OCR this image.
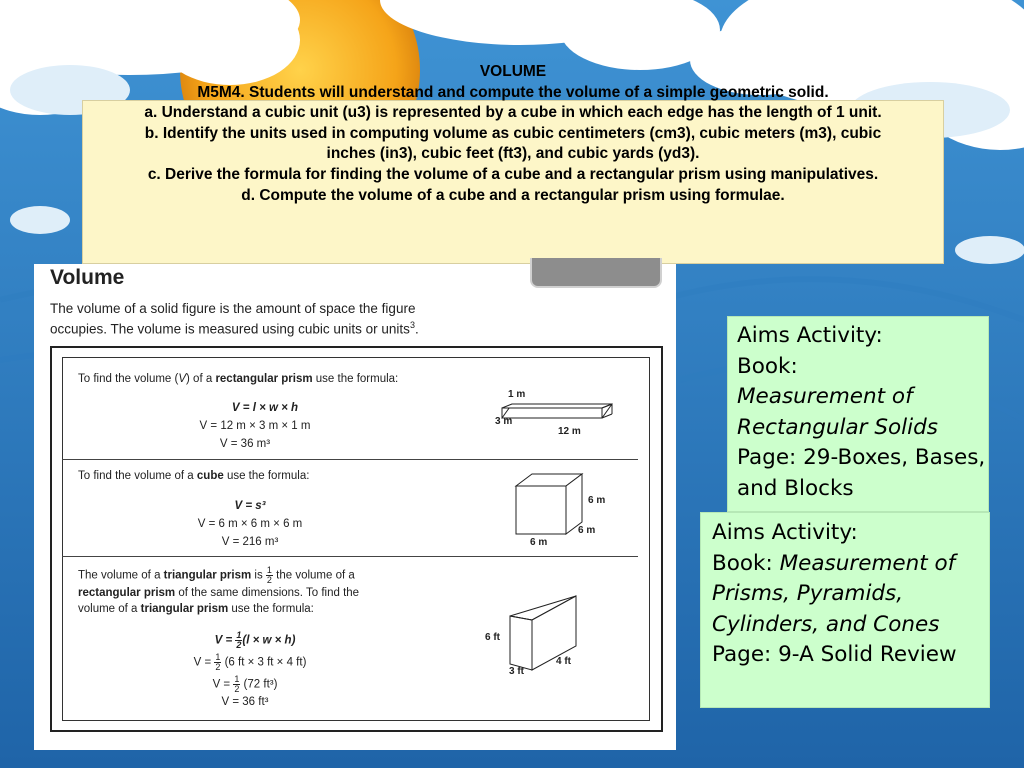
VOLUME
M5M4. Students will understand and compute the volume of a simple geometric solid.
a. Understand a cubic unit (u3) is represented by a cube in which each edge has the length of 1 unit.
b. Identify the units used in computing volume as cubic centimeters (cm3), cubic meters (m3), cubic
inches (in3), cubic feet (ft3), and cubic yards (yd3).
c. Derive the formula for finding the volume of a cube and a rectangular prism using manipulatives.
d. Compute the volume of a cube and a rectangular prism using formulae.
Volume
The volume of a solid figure is the amount of space the figure
occupies. The volume is measured using cubic units or units$^3$.
To find the volume (V) of a rectangular prism use the formula:
V = l × w × h
V = 12 m × 3 m × 1 m
V = 36 m³
1 m
3 m
12 m
To find the volume of a cube use the formula:
V = s³
V = 6 m × 6 m × 6 m
V = 216 m³
6 m
6 m
6 m
The volume of a triangular prism is $\frac{1}{2}$ the volume of a
rectangular prism of the same dimensions. To find the
volume of a triangular prism use the formula:
$V = \frac{1}{2} (l \times w \times h)$
$V = \frac{1}{2} (6$ ft × 3 ft × 4 ft)
$V = \frac{1}{2} (72$ ft³)
V = 36 ft³
6 ft
3 ft
4 ft
Aims Activity:
Book:
Measurement of Rectangular Solids
Page: 29-Boxes, Bases, and Blocks
Aims Activity:
Book: Measurement of Prisms, Pyramids, Cylinders, and Cones
Page: 9-A Solid Review
